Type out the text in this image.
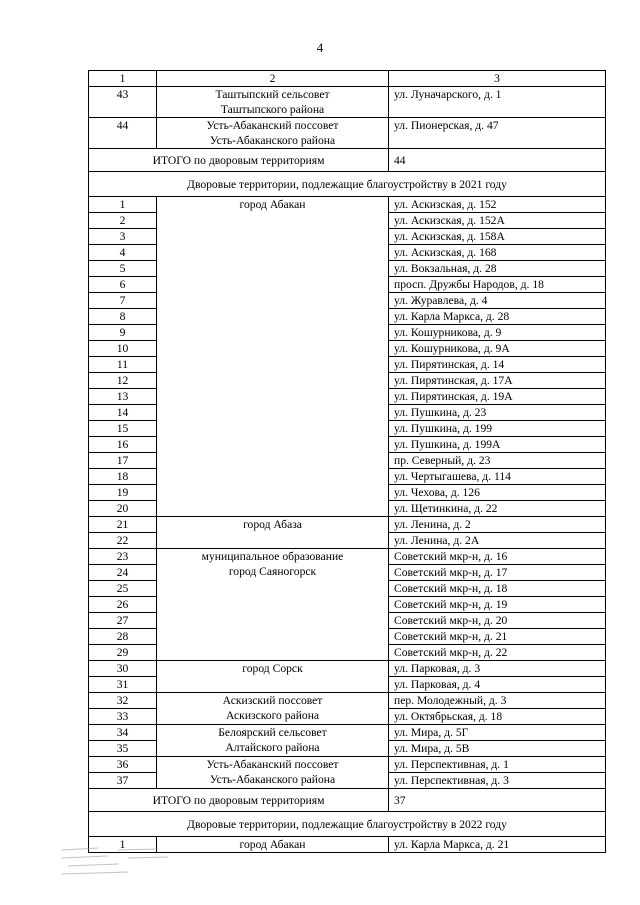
4
1	2	3
43	Таштыпский сельсовет
Таштыпского района	ул. Луначарского, д. 1
44	Усть-Абаканский поссовет
Усть-Абаканского района	ул. Пионерская, д. 47
ИТОГО по дворовым территориям		44
Дворовые территории, подлежащие благоустройству в 2021 году		
1	город Абакан	ул. Аскизская, д. 152
2		ул. Аскизская, д. 152А
3		ул. Аскизская, д. 158А
4		ул. Аскизская, д. 168
5		ул. Вокзальная, д. 28
6		просп. Дружбы Народов, д. 18
7		ул. Журавлева, д. 4
8		ул. Карла Маркса, д. 28
9		ул. Кошурникова, д. 9
10		ул. Кошурникова, д. 9А
11		ул. Пирятинская, д. 14
12		ул. Пирятинская, д. 17А
13		ул. Пирятинская, д. 19А
14		ул. Пушкина, д. 23
15		ул. Пушкина, д. 199
16		ул. Пушкина, д. 199А
17		пр. Северный, д. 23
18		ул. Чертыгашева, д. 114
19		ул. Чехова, д. 126
20		ул. Щетинкина, д. 22
21	город Абаза	ул. Ленина, д. 2
22		ул. Ленина, д. 2А
23	муниципальное образование
город Саяногорск	Советский мкр-н, д. 16
24		Советский мкр-н, д. 17
25		Советский мкр-н, д. 18
26		Советский мкр-н, д. 19
27		Советский мкр-н, д. 20
28		Советский мкр-н, д. 21
29		Советский мкр-н, д. 22
30	город Сорск	ул. Парковая, д. 3
31		ул. Парковая, д. 4
32	Аскизский поссовет
Аскизского района	пер. Молодежный, д. 3
33		ул. Октябрьская, д. 18
34	Белоярский сельсовет
Алтайского района	ул. Мира, д. 5Г
35		ул. Мира, д. 5В
36	Усть-Абаканский поссовет
Усть-Абаканского района	ул. Перспективная, д. 1
37		ул. Перспективная, д. 3
ИТОГО по дворовым территориям		37
Дворовые территории, подлежащие благоустройству в 2022 году		
1	город Абакан	ул. Карла Маркса, д. 21
